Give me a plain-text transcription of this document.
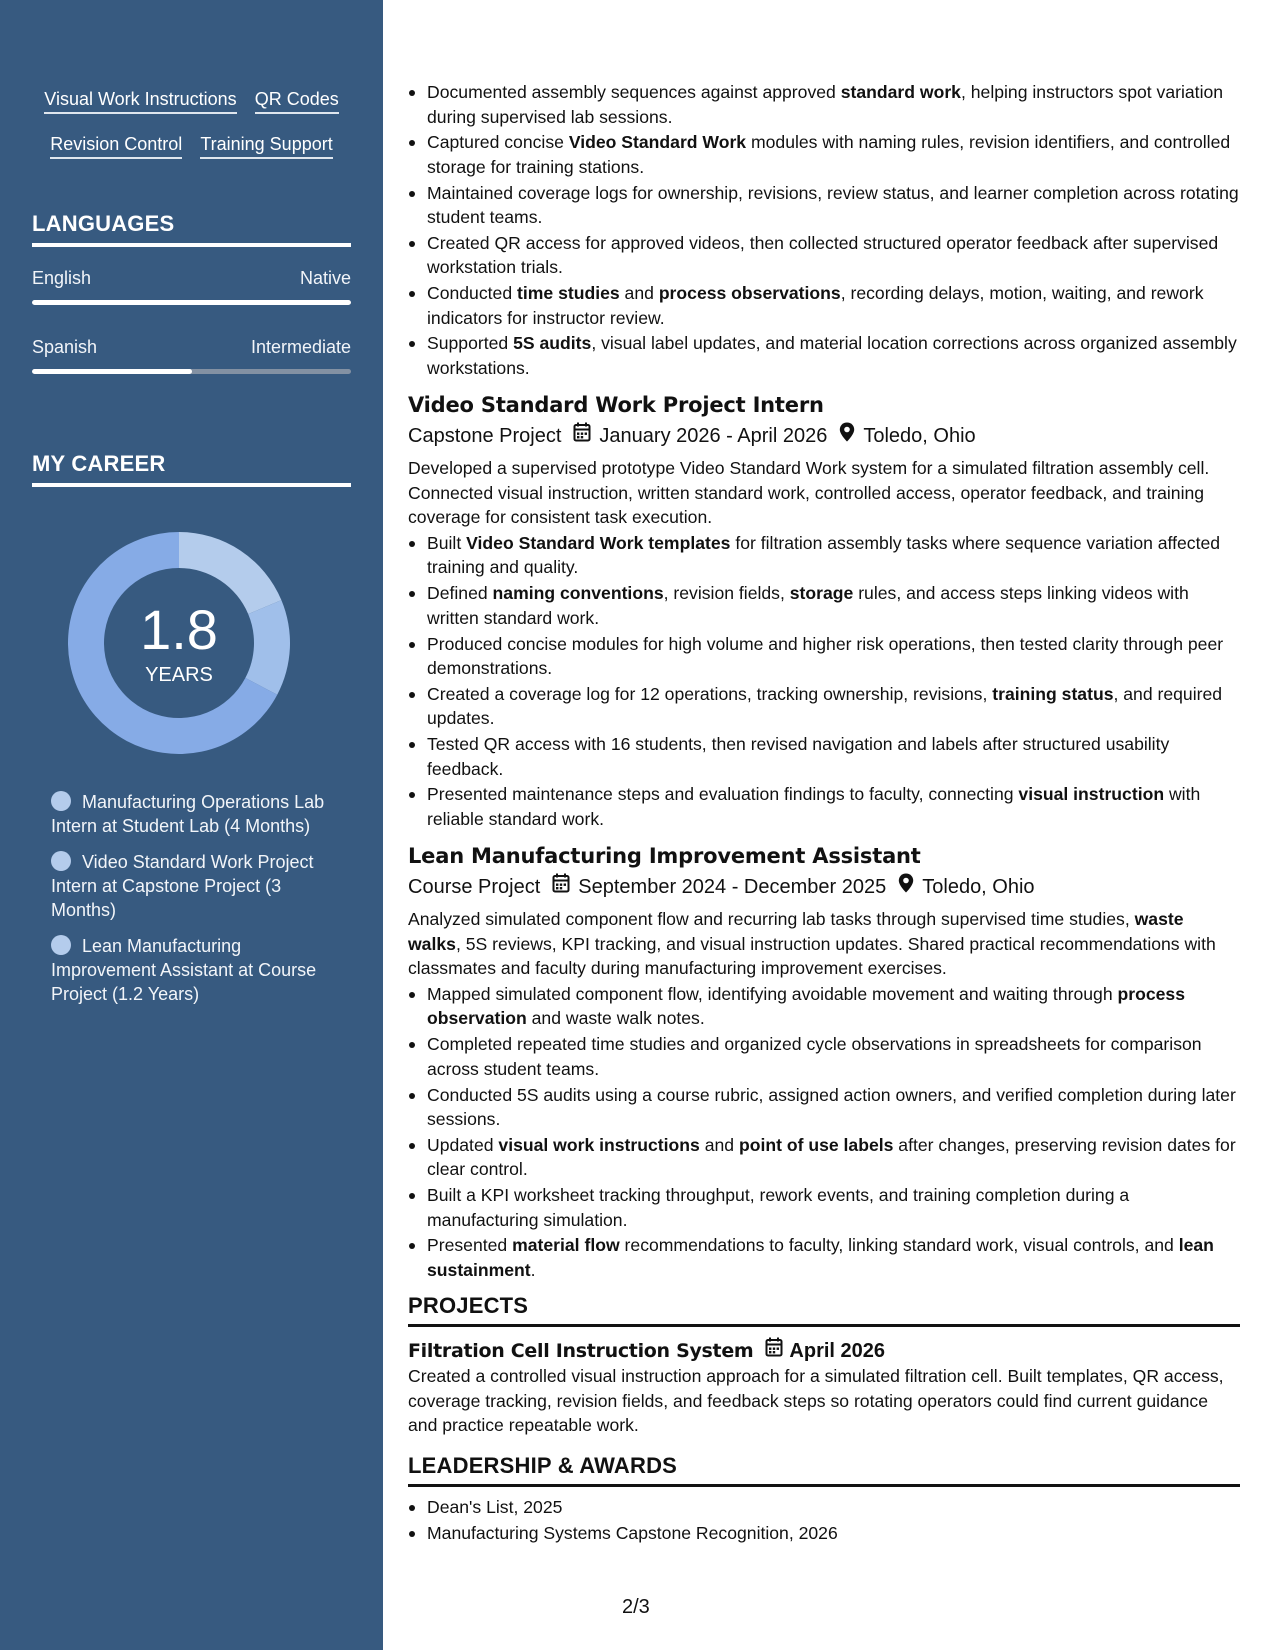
Visual Work Instructions QR Codes
Revision Control Training Support
LANGUAGES
English	Native
Spanish	Intermediate
MY CAREER
1.8
YEARS
Manufacturing Operations Lab Intern at Student Lab (4 Months)
Video Standard Work Project Intern at Capstone Project (3 Months)
Lean Manufacturing Improvement Assistant at Course Project (1.2 Years)
Documented assembly sequences against approved standard work, helping instructors spot variation during supervised lab sessions.
Captured concise Video Standard Work modules with naming rules, revision identifiers, and controlled storage for training stations.
Maintained coverage logs for ownership, revisions, review status, and learner completion across rotating student teams.
Created QR access for approved videos, then collected structured operator feedback after supervised workstation trials.
Conducted time studies and process observations, recording delays, motion, waiting, and rework indicators for instructor review.
Supported 5S audits, visual label updates, and material location corrections across organized assembly workstations.
Video Standard Work Project Intern
Capstone Project January 2026 - April 2026 Toledo, Ohio
Developed a supervised prototype Video Standard Work system for a simulated filtration assembly cell. Connected visual instruction, written standard work, controlled access, operator feedback, and training coverage for consistent task execution.
Built Video Standard Work templates for filtration assembly tasks where sequence variation affected training and quality.
Defined naming conventions, revision fields, storage rules, and access steps linking videos with written standard work.
Produced concise modules for high volume and higher risk operations, then tested clarity through peer demonstrations.
Created a coverage log for 12 operations, tracking ownership, revisions, training status, and required updates.
Tested QR access with 16 students, then revised navigation and labels after structured usability feedback.
Presented maintenance steps and evaluation findings to faculty, connecting visual instruction with reliable standard work.
Lean Manufacturing Improvement Assistant
Course Project September 2024 - December 2025 Toledo, Ohio
Analyzed simulated component flow and recurring lab tasks through supervised time studies, waste walks, 5S reviews, KPI tracking, and visual instruction updates. Shared practical recommendations with classmates and faculty during manufacturing improvement exercises.
Mapped simulated component flow, identifying avoidable movement and waiting through process observation and waste walk notes.
Completed repeated time studies and organized cycle observations in spreadsheets for comparison across student teams.
Conducted 5S audits using a course rubric, assigned action owners, and verified completion during later sessions.
Updated visual work instructions and point of use labels after changes, preserving revision dates for clear control.
Built a KPI worksheet tracking throughput, rework events, and training completion during a manufacturing simulation.
Presented material flow recommendations to faculty, linking standard work, visual controls, and lean sustainment.
PROJECTS
Filtration Cell Instruction System April 2026
Created a controlled visual instruction approach for a simulated filtration cell. Built templates, QR access, coverage tracking, revision fields, and feedback steps so rotating operators could find current guidance and practice repeatable work.
LEADERSHIP & AWARDS
Dean's List, 2025
Manufacturing Systems Capstone Recognition, 2026
2/3
